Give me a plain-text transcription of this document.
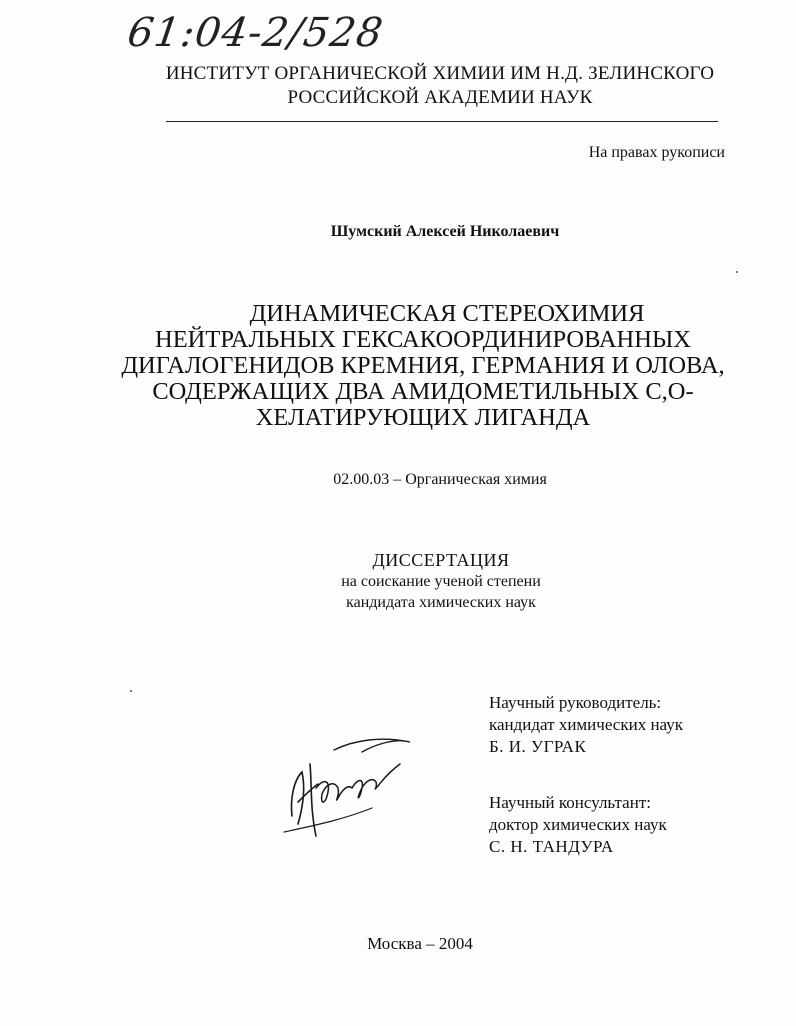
61:04-2/528
ИНСТИТУТ ОРГАНИЧЕСКОЙ ХИМИИ ИМ Н.Д. ЗЕЛИНСКОГО
РОССИЙСКОЙ АКАДЕМИИ НАУК
На правах рукописи
Шумский Алексей Николаевич
ДИНАМИЧЕСКАЯ СТЕРЕОХИМИЯ НЕЙТРАЛЬНЫХ ГЕКСАКООРДИНИРОВАННЫХ ДИГАЛОГЕНИДОВ КРЕМНИЯ, ГЕРМАНИЯ И ОЛОВА, СОДЕРЖАЩИХ ДВА АМИДОМЕТИЛЬНЫХ C,O-ХЕЛАТИРУЮЩИХ ЛИГАНДА
02.00.03 – Органическая химия
ДИССЕРТАЦИЯ
на соискание ученой степени
кандидата химических наук
Научный руководитель:
кандидат химических наук
Б. И. УГРАК
Научный консультант:
доктор химических наук
С. Н. ТАНДУРА
Москва – 2004
